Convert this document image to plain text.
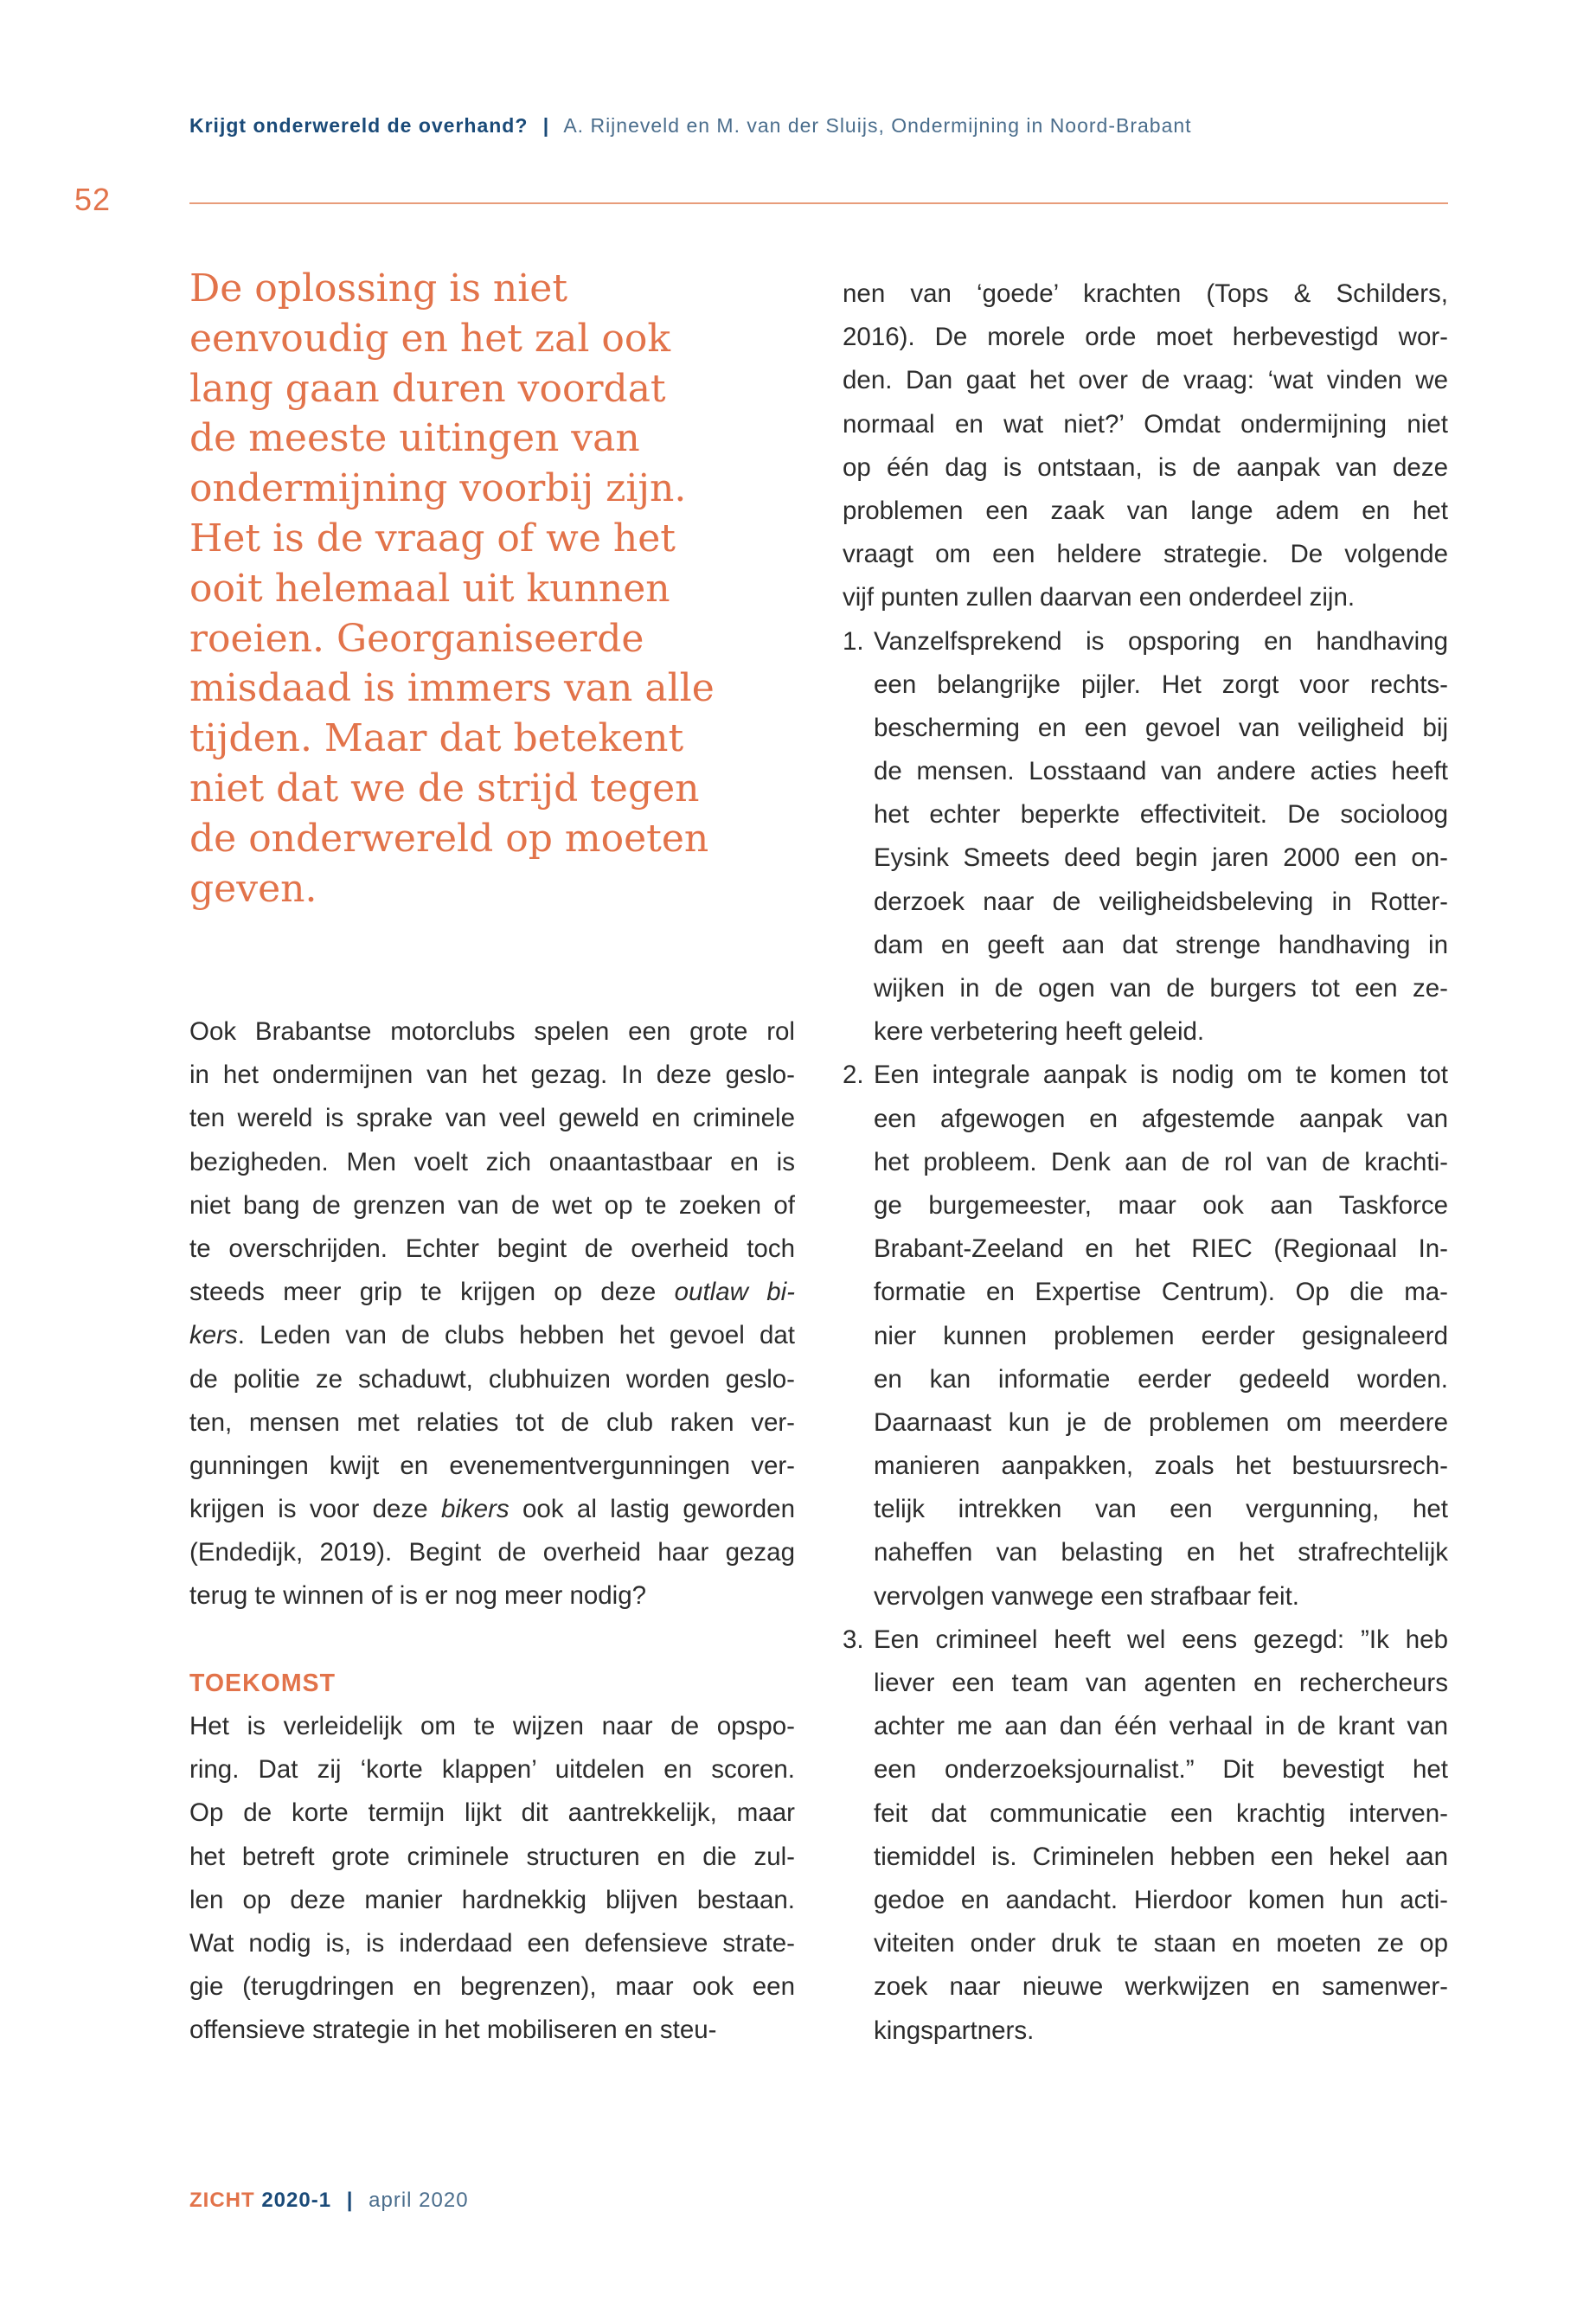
Krijgt onderwereld de overhand? | A. Rijneveld en M. van der Sluijs, Ondermijning in Noord-Brabant
52
De oplossing is niet
eenvoudig en het zal ook
lang gaan duren voordat
de meeste uitingen van
ondermijning voorbij zijn.
Het is de vraag of we het
ooit helemaal uit kunnen
roeien. Georganiseerde
misdaad is immers van alle
tijden. Maar dat betekent
niet dat we de strijd tegen
de onderwereld op moeten
geven.
Ook Brabantse motorclubs spelen een grote rol
in het ondermijnen van het gezag. In deze geslo-
ten wereld is sprake van veel geweld en criminele
bezigheden. Men voelt zich onaantastbaar en is
niet bang de grenzen van de wet op te zoeken of
te overschrijden. Echter begint de overheid toch
steeds meer grip te krijgen op deze outlaw bi-
kers. Leden van de clubs hebben het gevoel dat
de politie ze schaduwt, clubhuizen worden geslo-
ten, mensen met relaties tot de club raken ver-
gunningen kwijt en evenementvergunningen ver-
krijgen is voor deze bikers ook al lastig geworden
(Endedijk, 2019). Begint de overheid haar gezag
terug te winnen of is er nog meer nodig?
TOEKOMST
Het is verleidelijk om te wijzen naar de opspo-
ring. Dat zij ‘korte klappen’ uitdelen en scoren.
Op de korte termijn lijkt dit aantrekkelijk, maar
het betreft grote criminele structuren en die zul-
len op deze manier hardnekkig blijven bestaan.
Wat nodig is, is inderdaad een defensieve strate-
gie (terugdringen en begrenzen), maar ook een
offensieve strategie in het mobiliseren en steu-
nen van ‘goede’ krachten (Tops & Schilders,
2016). De morele orde moet herbevestigd wor-
den. Dan gaat het over de vraag: ‘wat vinden we
normaal en wat niet?’ Omdat ondermijning niet
op één dag is ontstaan, is de aanpak van deze
problemen een zaak van lange adem en het
vraagt om een heldere strategie. De volgende
vijf punten zullen daarvan een onderdeel zijn.
1. Vanzelfsprekend is opsporing en handhaving
een belangrijke pijler. Het zorgt voor rechts-
bescherming en een gevoel van veiligheid bij
de mensen. Losstaand van andere acties heeft
het echter beperkte effectiviteit. De socioloog
Eysink Smeets deed begin jaren 2000 een on-
derzoek naar de veiligheidsbeleving in Rotter-
dam en geeft aan dat strenge handhaving in
wijken in de ogen van de burgers tot een ze-
kere verbetering heeft geleid.
2. Een integrale aanpak is nodig om te komen tot
een afgewogen en afgestemde aanpak van
het probleem. Denk aan de rol van de krachti-
ge burgemeester, maar ook aan Taskforce
Brabant-Zeeland en het RIEC (Regionaal In-
formatie en Expertise Centrum). Op die ma-
nier kunnen problemen eerder gesignaleerd
en kan informatie eerder gedeeld worden.
Daarnaast kun je de problemen om meerdere
manieren aanpakken, zoals het bestuursrech-
telijk intrekken van een vergunning, het
naheffen van belasting en het strafrechtelijk
vervolgen vanwege een strafbaar feit.
3. Een crimineel heeft wel eens gezegd: ”Ik heb
liever een team van agenten en rechercheurs
achter me aan dan één verhaal in de krant van
een onderzoeksjournalist.” Dit bevestigt het
feit dat communicatie een krachtig interven-
tiemiddel is. Criminelen hebben een hekel aan
gedoe en aandacht. Hierdoor komen hun acti-
viteiten onder druk te staan en moeten ze op
zoek naar nieuwe werkwijzen en samenwer-
kingspartners.
ZICHT 2020-1 | april 2020
